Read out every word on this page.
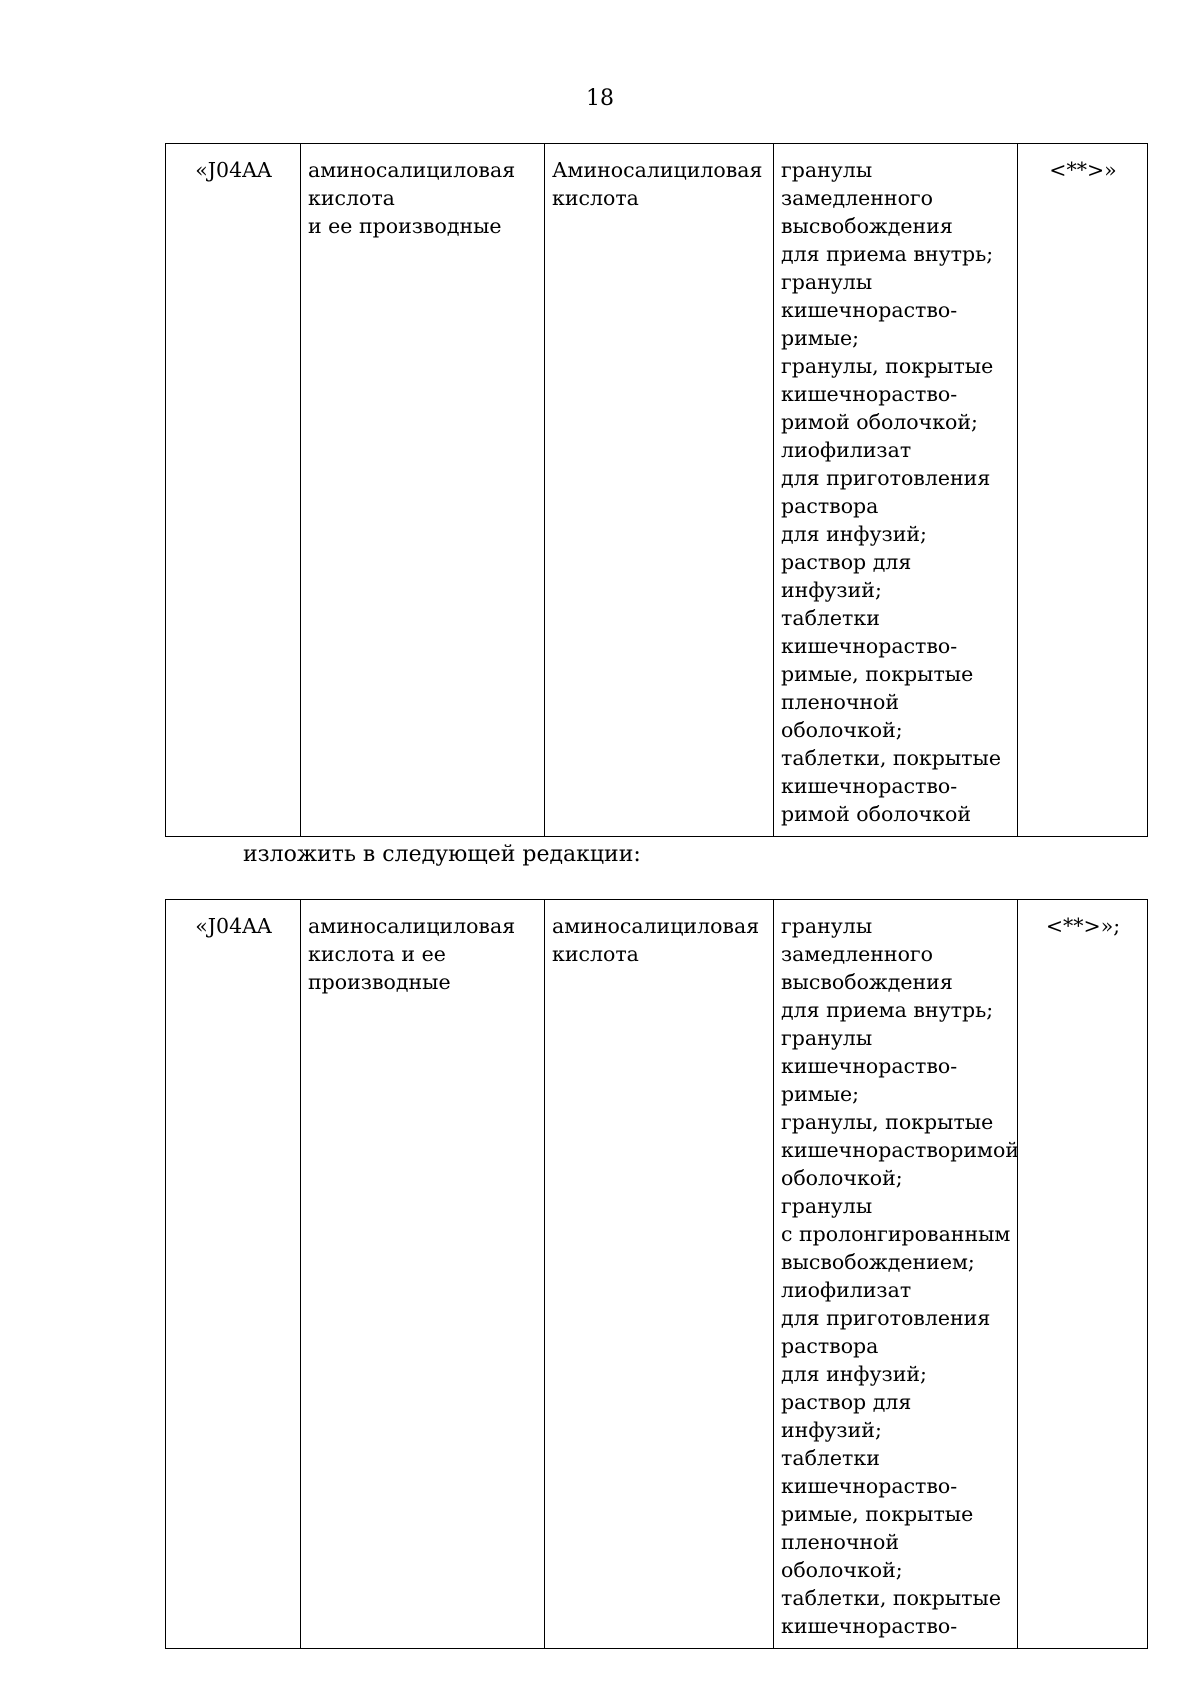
18
«J04AA	аминосалициловая
кислота
и ее производные	Аминосалициловая
кислота	гранулы
замедленного
высвобождения
для приема внутрь;
гранулы
кишечнораство-
римые;
гранулы, покрытые
кишечнораство-
римой оболочкой;
лиофилизат
для приготовления
раствора
для инфузий;
раствор для инфузий;
таблетки
кишечнораство-
римые, покрытые
пленочной
оболочкой;
таблетки, покрытые
кишечнораство-
римой оболочкой	<**>»
изложить в следующей редакции:
«J04AA	аминосалициловая
кислота и ее
производные	аминосалициловая
кислота	гранулы
замедленного
высвобождения
для приема внутрь;
гранулы
кишечнораство-
римые;
гранулы, покрытые
кишечнорастворимой
оболочкой;
гранулы
с пролонгированным
высвобождением;
лиофилизат
для приготовления
раствора
для инфузий;
раствор для инфузий;
таблетки
кишечнораство-
римые, покрытые
пленочной
оболочкой;
таблетки, покрытые
кишечнораство-	<**>»;
